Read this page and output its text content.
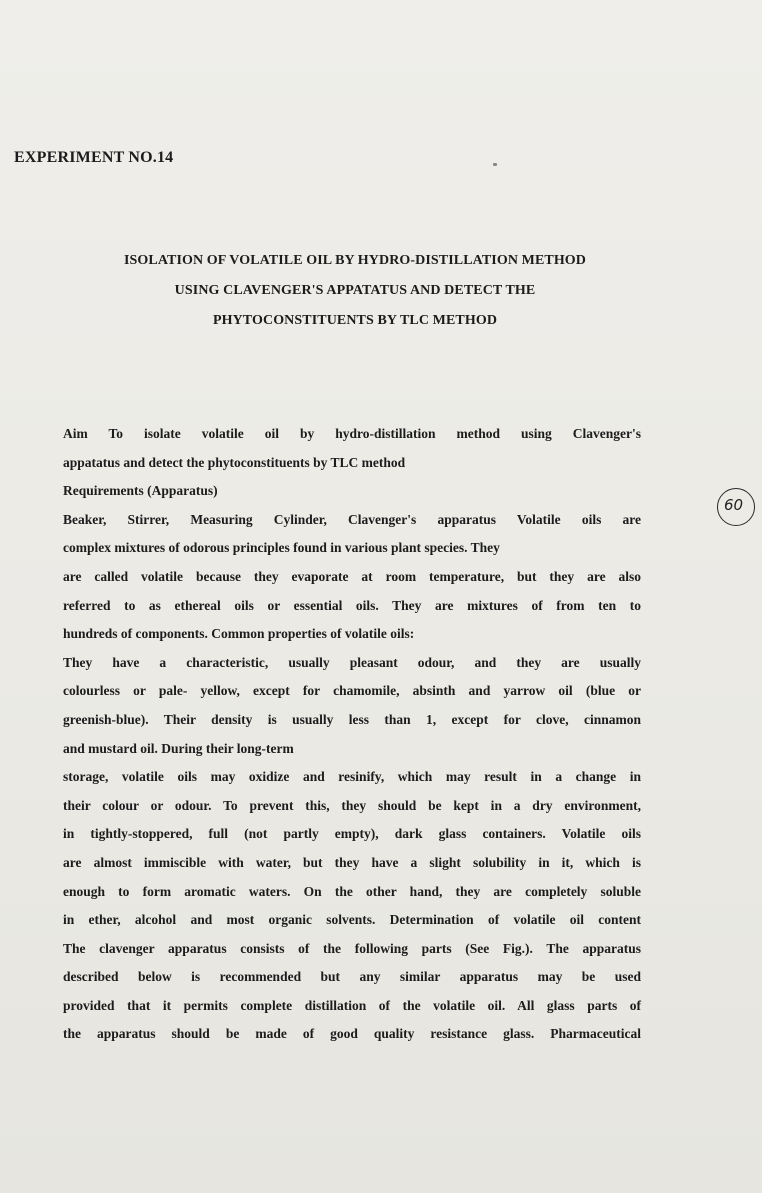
EXPERIMENT NO.14
ISOLATION OF VOLATILE OIL BY HYDRO-DISTILLATION METHOD
USING CLAVENGER'S APPATATUS AND DETECT THE
PHYTOCONSTITUENTS BY TLC METHOD
60
Aim To isolate volatile oil by hydro-distillation method using Clavenger's
appatatus and detect the phytoconstituents by TLC method
Requirements (Apparatus)
Beaker, Stirrer, Measuring Cylinder, Clavenger's apparatus Volatile oils are
complex mixtures of odorous principles found in various plant species. They
are called volatile because they evaporate at room temperature, but they are also
referred to as ethereal oils or essential oils. They are mixtures of from ten to
hundreds of components. Common properties of volatile oils:
They have a characteristic, usually pleasant odour, and they are usually
colourless or pale- yellow, except for chamomile, absinth and yarrow oil (blue or
greenish-blue). Their density is usually less than 1, except for clove, cinnamon
and mustard oil. During their long-term
storage, volatile oils may oxidize and resinify, which may result in a change in
their colour or odour. To prevent this, they should be kept in a dry environment,
in tightly-stoppered, full (not partly empty), dark glass containers. Volatile oils
are almost immiscible with water, but they have a slight solubility in it, which is
enough to form aromatic waters. On the other hand, they are completely soluble
in ether, alcohol and most organic solvents. Determination of volatile oil content
The clavenger apparatus consists of the following parts (See Fig.). The apparatus
described below is recommended but any similar apparatus may be used
provided that it permits complete distillation of the volatile oil. All glass parts of
the apparatus should be made of good quality resistance glass. Pharmaceutical
